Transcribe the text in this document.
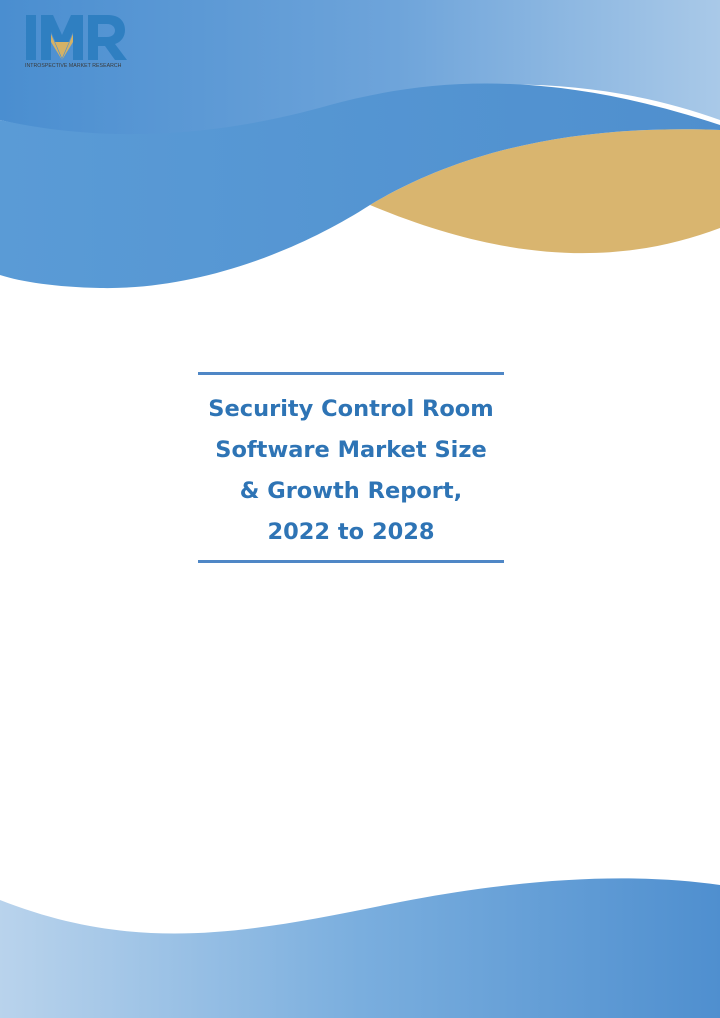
INTROSPECTIVE MARKET RESEARCH
Security Control Room
Software Market Size
& Growth Report,
2022 to 2028
